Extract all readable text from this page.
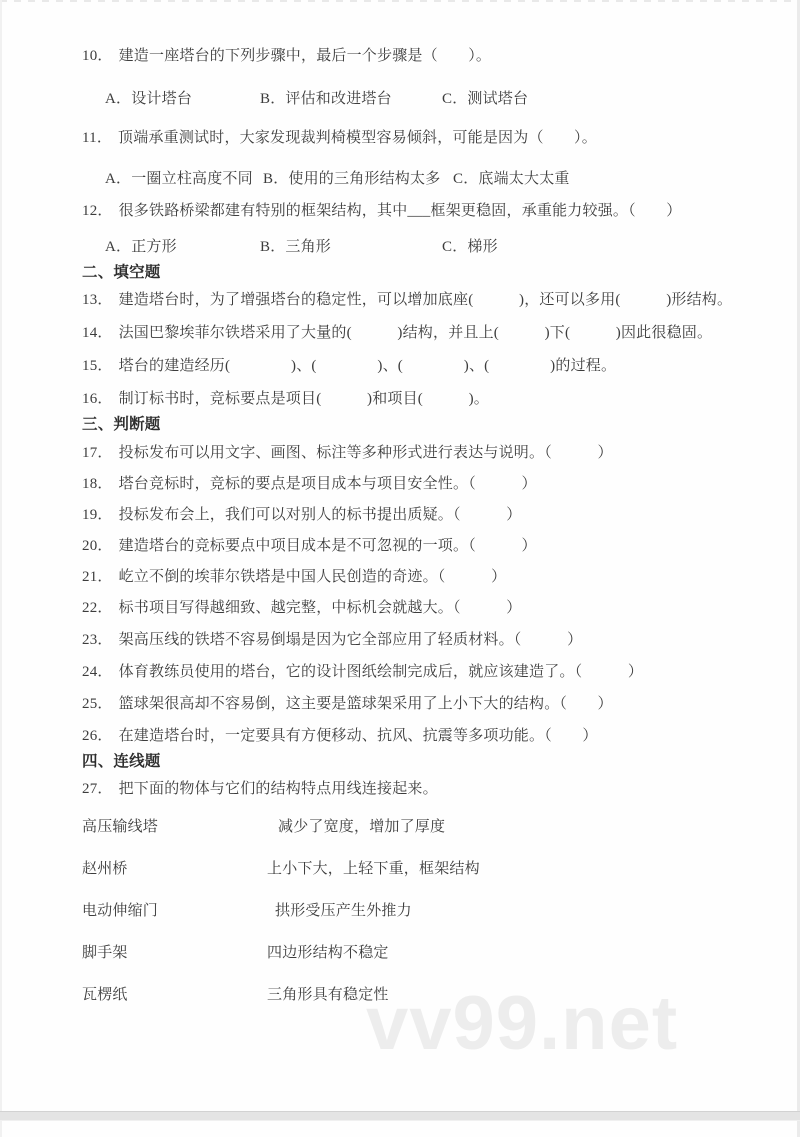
vv99.net
10． 建造一座塔台的下列步骤中，最后一个步骤是（　　）。
A．设计塔台	B．评估和改进塔台	C．测试塔台
11． 顶端承重测试时，大家发现裁判椅模型容易倾斜，可能是因为（　　）。
A．一圈立柱高度不同 B．使用的三角形结构太多 C．底端太大太重
12． 很多铁路桥梁都建有特别的框架结构，其中___框架更稳固，承重能力较强。（　　）
A．正方形	B．三角形	C．梯形
二、填空题
13． 建造塔台时，为了增强塔台的稳定性，可以增加底座(　　　)，还可以多用(　　　)形结构。
14． 法国巴黎埃菲尔铁塔采用了大量的(　　　)结构，并且上(　　　)下(　　　)因此很稳固。
15． 塔台的建造经历(　　　　)、(　　　　)、(　　　　)、(　　　　)的过程。
16． 制订标书时，竞标要点是项目(　　　)和项目(　　　)。
三、判断题
17． 投标发布可以用文字、画图、标注等多种形式进行表达与说明。（　　　）
18． 塔台竞标时，竞标的要点是项目成本与项目安全性。（　　　）
19． 投标发布会上，我们可以对别人的标书提出质疑。（　　　）
20． 建造塔台的竞标要点中项目成本是不可忽视的一项。（　　　）
21． 屹立不倒的埃菲尔铁塔是中国人民创造的奇迹。（　　　）
22． 标书项目写得越细致、越完整，中标机会就越大。（　　　）
23． 架高压线的铁塔不容易倒塌是因为它全部应用了轻质材料。（　　　）
24． 体育教练员使用的塔台，它的设计图纸绘制完成后，就应该建造了。（　　　）
25． 篮球架很高却不容易倒，这主要是篮球架采用了上小下大的结构。（　　）
26． 在建造塔台时，一定要具有方便移动、抗风、抗震等多项功能。（　　）
四、连线题
27． 把下面的物体与它们的结构特点用线连接起来。
高压输线塔	减少了宽度，增加了厚度
赵州桥	上小下大，上轻下重，框架结构
电动伸缩门	拱形受压产生外推力
脚手架	四边形结构不稳定
瓦楞纸	三角形具有稳定性
